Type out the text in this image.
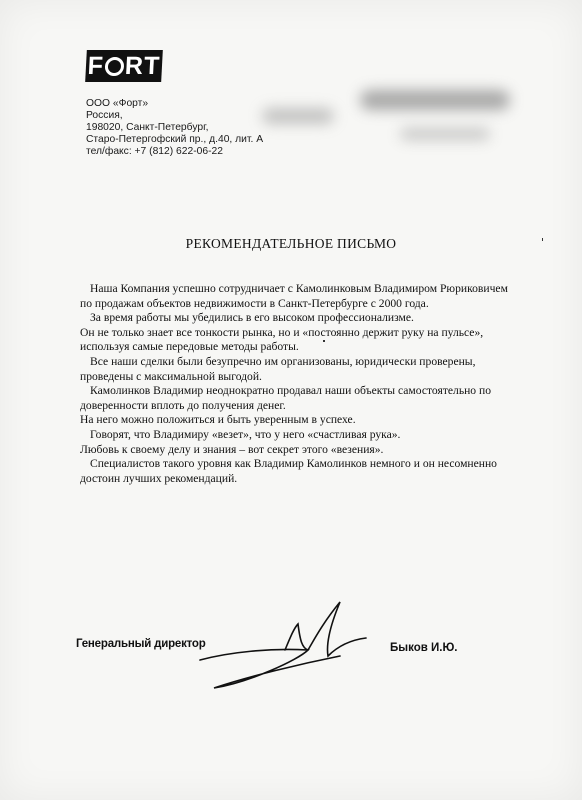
F RT
ООО «Форт»
Россия,
198020, Санкт-Петербург,
Старо-Петергофский пр., д.40, лит. А
тел/факс: +7 (812) 622-06-22
РЕКОМЕНДАТЕЛЬНОЕ ПИСЬМО

Наша Компания успешно сотрудничает с Камолинковым Владимиром Рюриковичем по продажам объектов недвижимости в Санкт-Петербурге с 2000 года.

За время работы мы убедились в его высоком профессионализме.

Он не только знает все тонкости рынка, но и «постоянно держит руку на пульсе», используя самые передовые методы работы.

Все наши сделки были безупречно им организованы, юридически проверены, проведены с максимальной выгодой.

Камолинков Владимир неоднократно продавал наши объекты самостоятельно по доверенности вплоть до получения денег.

На него можно положиться и быть уверенным в успехе.

Говорят, что Владимиру «везет», что у него «счастливая рука».

Любовь к своему делу и знания – вот секрет этого «везения».

Специалистов такого уровня как Владимир Камолинков немного и он несомненно достоин лучших рекомендаций.

Генеральный директор	Быков И.Ю.
